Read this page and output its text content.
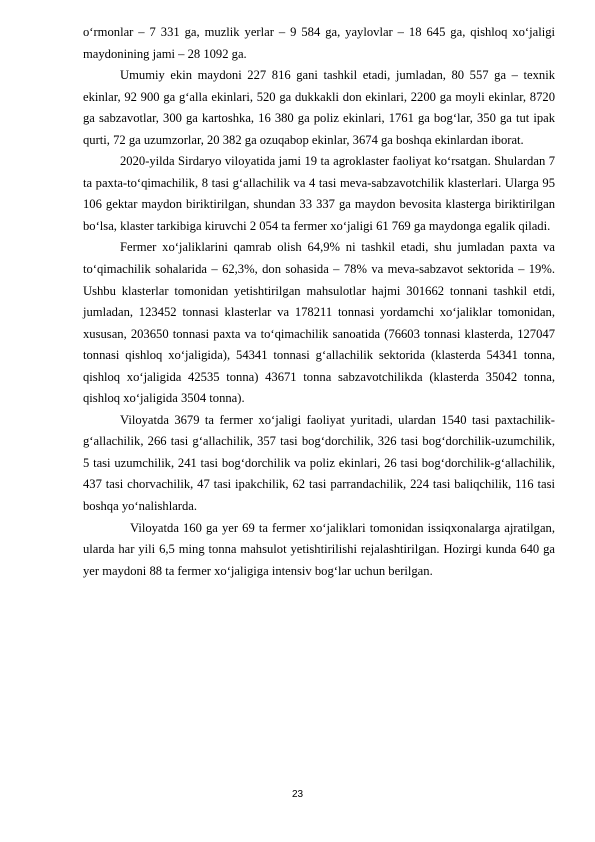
o‘rmonlar – 7 331 ga, muzlik yerlar – 9 584 ga, yaylovlar – 18 645 ga, qishloq xo‘jaligi maydonining jami – 28 1092 ga.

Umumiy ekin maydoni 227 816 gani tashkil etadi, jumladan, 80 557 ga – texnik ekinlar, 92 900 ga g‘alla ekinlari, 520 ga dukkakli don ekinlari, 2200 ga moyli ekinlar, 8720 ga sabzavotlar, 300 ga kartoshka, 16 380 ga poliz ekinlari, 1761 ga bog‘lar, 350 ga tut ipak qurti, 72 ga uzumzorlar, 20 382 ga ozuqabop ekinlar, 3674 ga boshqa ekinlardan iborat.

2020-yilda Sirdaryo viloyatida jami 19 ta agroklaster faoliyat ko‘rsatgan. Shulardan 7 ta paxta-to‘qimachilik, 8 tasi g‘allachilik va 4 tasi meva-sabzavotchilik klasterlari. Ularga 95 106 gektar maydon biriktirilgan, shundan 33 337 ga maydon bevosita klasterga biriktirilgan bo‘lsa, klaster tarkibiga kiruvchi 2 054 ta fermer xo‘jaligi 61 769 ga maydonga egalik qiladi.

Fermer xo‘jaliklarini qamrab olish 64,9% ni tashkil etadi, shu jumladan paxta va to‘qimachilik sohalarida – 62,3%, don sohasida – 78% va meva-sabzavot sektorida – 19%. Ushbu klasterlar tomonidan yetishtirilgan mahsulotlar hajmi 301662 tonnani tashkil etdi, jumladan, 123452 tonnasi klasterlar va 178211 tonnasi yordamchi xo‘jaliklar tomonidan, xususan, 203650 tonnasi paxta va to‘qimachilik sanoatida (76603 tonnasi klasterda, 127047 tonnasi qishloq xo‘jaligida), 54341 tonnasi g‘allachilik sektorida (klasterda 54341 tonna, qishloq xo‘jaligida 42535 tonna) 43671 tonna sabzavotchilikda (klasterda 35042 tonna, qishloq xo‘jaligida 3504 tonna).

Viloyatda 3679 ta fermer xo‘jaligi faoliyat yuritadi, ulardan 1540 tasi paxtachilik-g‘allachilik, 266 tasi g‘allachilik, 357 tasi bog‘dorchilik, 326 tasi bog‘dorchilik-uzumchilik, 5 tasi uzumchilik, 241 tasi bog‘dorchilik va poliz ekinlari, 26 tasi bog‘dorchilik-g‘allachilik, 437 tasi chorvachilik, 47 tasi ipakchilik, 62 tasi parrandachilik, 224 tasi baliqchilik, 116 tasi boshqa yo‘nalishlarda.

Viloyatda 160 ga yer 69 ta fermer xo‘jaliklari tomonidan issiqxonalarga ajratilgan, ularda har yili 6,5 ming tonna mahsulot yetishtirilishi rejalashtirilgan. Hozirgi kunda 640 ga yer maydoni 88 ta fermer xo‘jaligiga intensiv bog‘lar uchun berilgan.

23
